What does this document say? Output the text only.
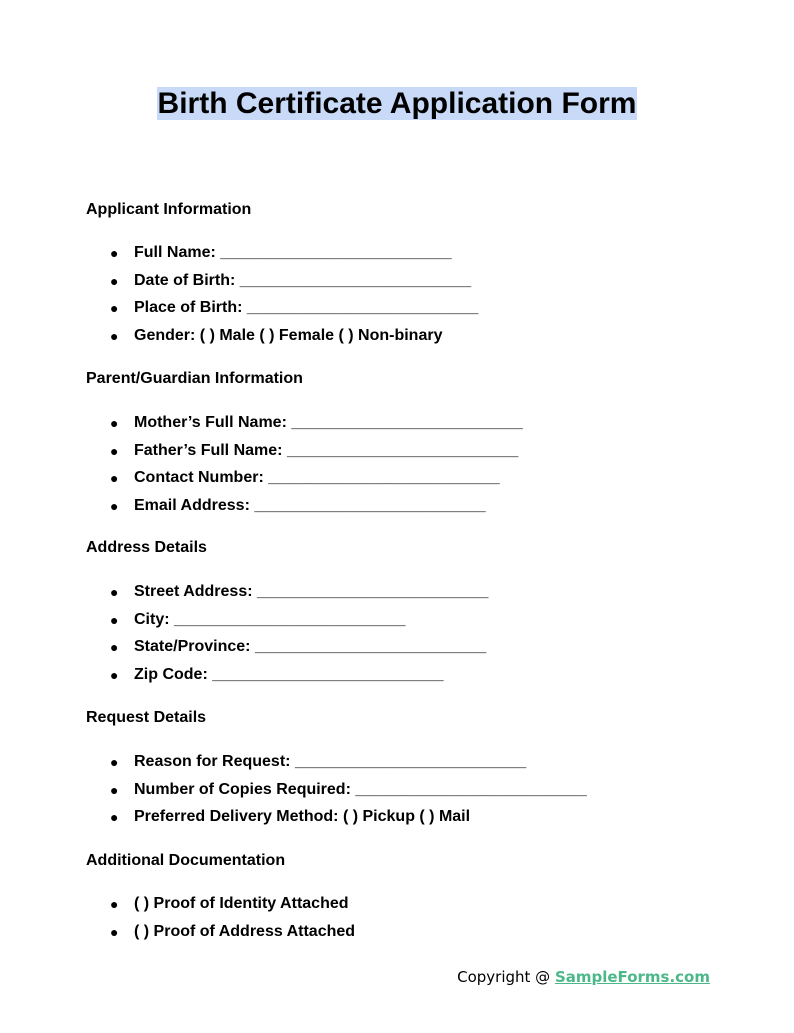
Birth Certificate Application Form

Applicant Information

● Full Name: __________________________
● Date of Birth: __________________________
● Place of Birth: __________________________
● Gender: ( ) Male ( ) Female ( ) Non-binary

Parent/Guardian Information

● Mother’s Full Name: __________________________
● Father’s Full Name: __________________________
● Contact Number: __________________________
● Email Address: __________________________

Address Details

● Street Address: __________________________
● City: __________________________
● State/Province: __________________________
● Zip Code: __________________________

Request Details

● Reason for Request: __________________________
● Number of Copies Required: __________________________
● Preferred Delivery Method: ( ) Pickup ( ) Mail

Additional Documentation

● ( ) Proof of Identity Attached
● ( ) Proof of Address Attached
Copyright @ SampleForms.com
